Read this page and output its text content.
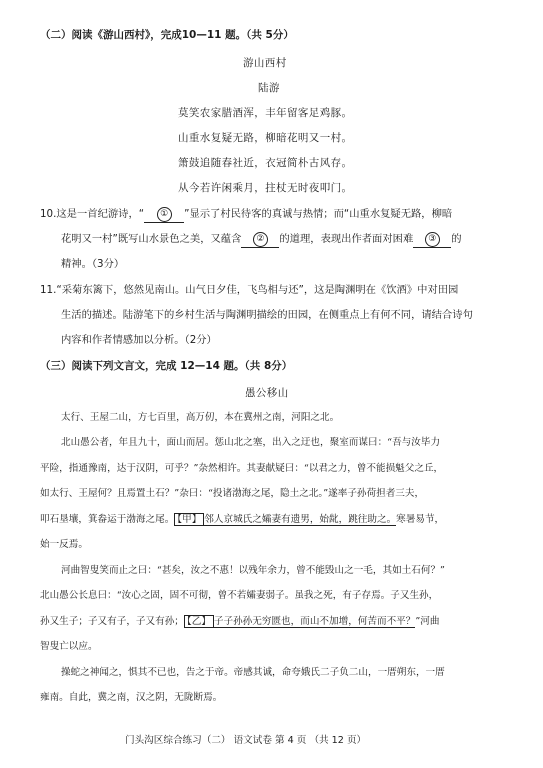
（二）阅读《游山西村》，完成10—11 题。（共 5分）
游山西村
陆游
莫笑农家腊酒浑，丰年留客足鸡豚。
山重水复疑无路，柳暗花明又一村。
箫鼓追随春社近，衣冠简朴古风存。
从今若许闲乘月，拄杖无时夜叩门。
10.这是一首纪游诗，“ ① ”显示了村民待客的真诚与热情；而“山重水复疑无路，柳暗
花明又一村”既写山水景色之美，又蕴含 ② 的道理，表现出作者面对困难 ③ 的
精神。（3分）
11.“采菊东篱下，悠然见南山。山气日夕佳，飞鸟相与还”，这是陶渊明在《饮酒》中对田园
生活的描述。陆游笔下的乡村生活与陶渊明描绘的田园，在侧重点上有何不同，请结合诗句
内容和作者情感加以分析。（2分）
（三）阅读下列文言文，完成 12—14 题。（共 8分）
愚公移山
太行、王屋二山，方七百里，高万仞，本在冀州之南，河阳之北。
北山愚公者，年且九十，面山而居。惩山北之塞，出入之迂也，聚室而谋曰：“吾与汝毕力
平险，指通豫南，达于汉阴，可乎？”杂然相许。其妻献疑曰：“以君之力，曾不能损魁父之丘，
如太行、王屋何？且焉置土石？”杂曰：“投诸渤海之尾，隐土之北。”遂率子孙荷担者三夫，
叩石垦壤，箕畚运于渤海之尾。 【甲】 邻人京城氏之孀妻有遗男，始龀，跳往助之。寒暑易节，
始一反焉。
河曲智叟笑而止之曰：“甚矣，汝之不惠！以残年余力，曾不能毁山之一毛，其如土石何？”
北山愚公长息曰：“汝心之固，固不可彻，曾不若孀妻弱子。虽我之死，有子存焉。子又生孙，
孙又生子；子又有子，子又有孙； 【乙】 子子孙孙无穷匮也，而山不加增，何苦而不平？”河曲
智叟亡以应。
操蛇之神闻之，惧其不已也，告之于帝。帝感其诚，命夸娥氏二子负二山，一厝朔东，一厝
雍南。自此，冀之南，汉之阴，无陇断焉。
门头沟区综合练习（二） 语文试卷 第 4 页 （共 12 页）
